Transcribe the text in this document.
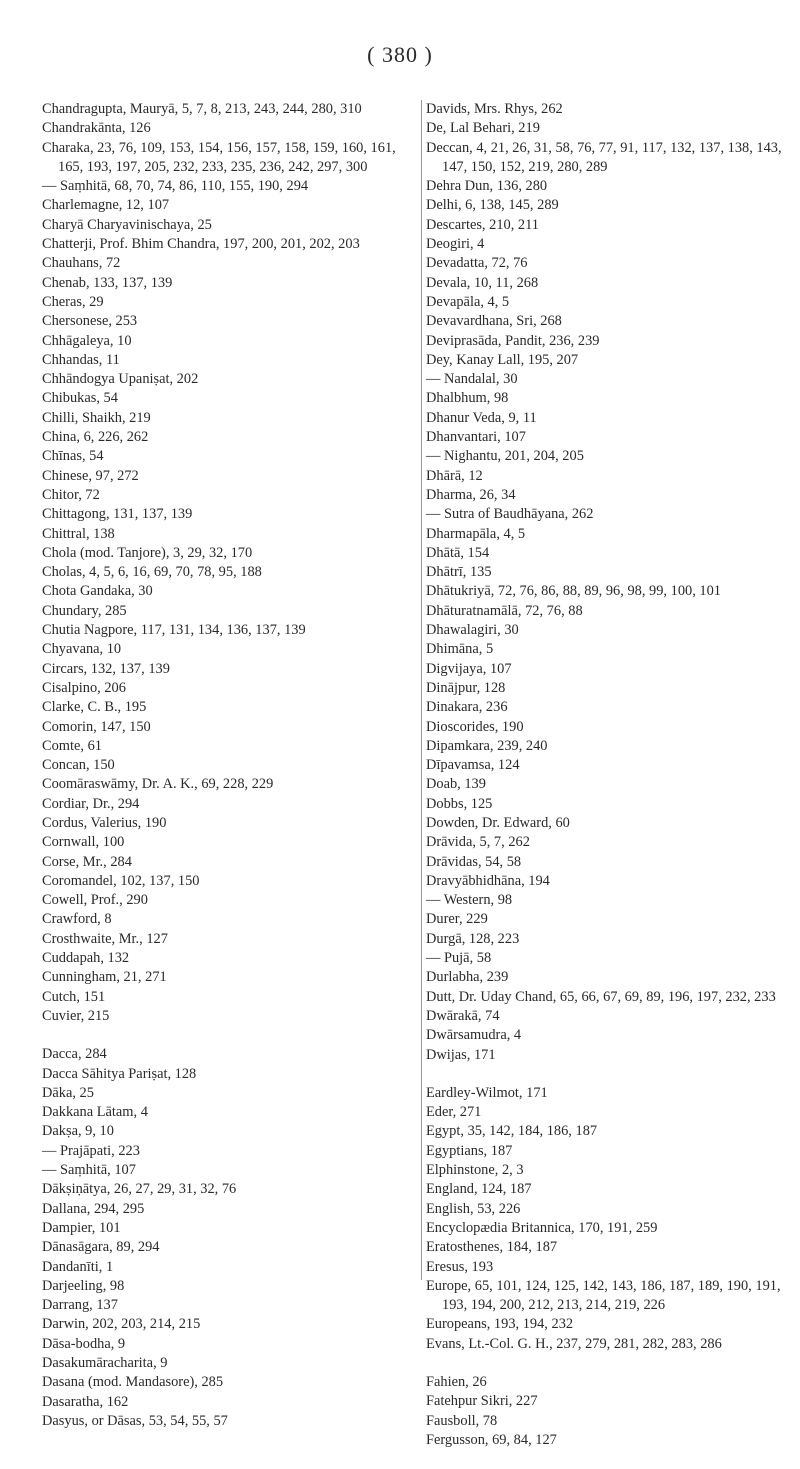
( 380 )
Chandragupta, Mauryā, 5, 7, 8, 213, 243, 244, 280, 310
Chandrakānta, 126
Charaka, 23, 76, 109, 153, 154, 156, 157, 158, 159, 160, 161, 165, 193, 197, 205, 232, 233, 235, 236, 242, 297, 300
— Saṃhitā, 68, 70, 74, 86, 110, 155, 190, 294
Charlemagne, 12, 107
Charyā Charyavinischaya, 25
Chatterji, Prof. Bhim Chandra, 197, 200, 201, 202, 203
Chauhans, 72
Chenab, 133, 137, 139
Cheras, 29
Chersonese, 253
Chhāgaleya, 10
Chhandas, 11
Chhāndogya Upaniṣat, 202
Chibukas, 54
Chilli, Shaikh, 219
China, 6, 226, 262
Chīnas, 54
Chinese, 97, 272
Chitor, 72
Chittagong, 131, 137, 139
Chittral, 138
Chola (mod. Tanjore), 3, 29, 32, 170
Cholas, 4, 5, 6, 16, 69, 70, 78, 95, 188
Chota Gandaka, 30
Chundary, 285
Chutia Nagpore, 117, 131, 134, 136, 137, 139
Chyavana, 10
Circars, 132, 137, 139
Cisalpino, 206
Clarke, C. B., 195
Comorin, 147, 150
Comte, 61
Concan, 150
Coomāraswāmy, Dr. A. K., 69, 228, 229
Cordiar, Dr., 294
Cordus, Valerius, 190
Cornwall, 100
Corse, Mr., 284
Coromandel, 102, 137, 150
Cowell, Prof., 290
Crawford, 8
Crosthwaite, Mr., 127
Cuddapah, 132
Cunningham, 21, 271
Cutch, 151
Cuvier, 215
Dacca, 284
Dacca Sāhitya Pariṣat, 128
Dāka, 25
Dakkana Lātam, 4
Dakṣa, 9, 10
— Prajāpati, 223
— Saṃhitā, 107
Dākṣiṇātya, 26, 27, 29, 31, 32, 76
Dallana, 294, 295
Dampier, 101
Dānasāgara, 89, 294
Dandanīti, 1
Darjeeling, 98
Darrang, 137
Darwin, 202, 203, 214, 215
Dāsa-bodha, 9
Dasakumāracharita, 9
Dasana (mod. Mandasore), 285
Dasaratha, 162
Dasyus, or Dāsas, 53, 54, 55, 57
Davids, Mrs. Rhys, 262
De, Lal Behari, 219
Deccan, 4, 21, 26, 31, 58, 76, 77, 91, 117, 132, 137, 138, 143, 147, 150, 152, 219, 280, 289
Dehra Dun, 136, 280
Delhi, 6, 138, 145, 289
Descartes, 210, 211
Deogiri, 4
Devadatta, 72, 76
Devala, 10, 11, 268
Devapāla, 4, 5
Devavardhana, Sri, 268
Deviprasāda, Pandit, 236, 239
Dey, Kanay Lall, 195, 207
— Nandalal, 30
Dhalbhum, 98
Dhanur Veda, 9, 11
Dhanvantari, 107
— Nighantu, 201, 204, 205
Dhārā, 12
Dharma, 26, 34
— Sutra of Baudhāyana, 262
Dharmapāla, 4, 5
Dhātā, 154
Dhātrī, 135
Dhātukriyā, 72, 76, 86, 88, 89, 96, 98, 99, 100, 101
Dhāturatnamālā, 72, 76, 88
Dhawalagiri, 30
Dhimāna, 5
Digvijaya, 107
Dinājpur, 128
Dinakara, 236
Dioscorides, 190
Dipamkara, 239, 240
Dīpavamsa, 124
Doab, 139
Dobbs, 125
Dowden, Dr. Edward, 60
Drāvida, 5, 7, 262
Drāvidas, 54, 58
Dravyābhidhāna, 194
— Western, 98
Durer, 229
Durgā, 128, 223
— Pujā, 58
Durlabha, 239
Dutt, Dr. Uday Chand, 65, 66, 67, 69, 89, 196, 197, 232, 233
Dwārakā, 74
Dwārsamudra, 4
Dwijas, 171
Eardley-Wilmot, 171
Eder, 271
Egypt, 35, 142, 184, 186, 187
Egyptians, 187
Elphinstone, 2, 3
England, 124, 187
English, 53, 226
Encyclopædia Britannica, 170, 191, 259
Eratosthenes, 184, 187
Eresus, 193
Europe, 65, 101, 124, 125, 142, 143, 186, 187, 189, 190, 191, 193, 194, 200, 212, 213, 214, 219, 226
Europeans, 193, 194, 232
Evans, Lt.-Col. G. H., 237, 279, 281, 282, 283, 286
Fahien, 26
Fatehpur Sikri, 227
Fausboll, 78
Fergusson, 69, 84, 127
